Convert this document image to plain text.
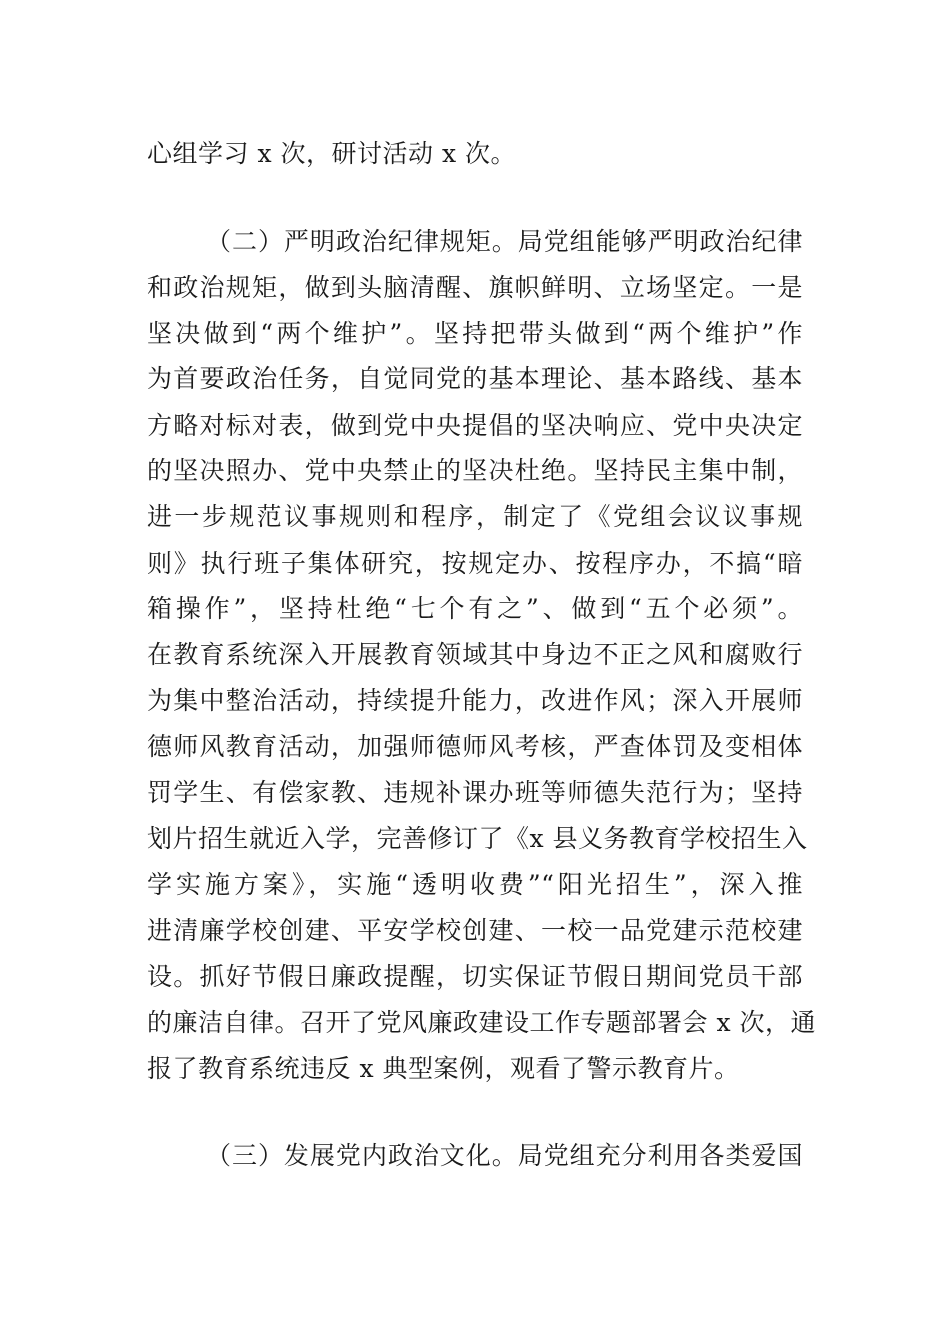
心组学习 x 次，研讨活动 x 次。
（二）严明政治纪律规矩。局党组能够严明政治纪律
和政治规矩，做到头脑清醒、旗帜鲜明、立场坚定。一是
坚决做到“两个维护”。坚持把带头做到“两个维护”作
为首要政治任务，自觉同党的基本理论、基本路线、基本
方略对标对表，做到党中央提倡的坚决响应、党中央决定
的坚决照办、党中央禁止的坚决杜绝。坚持民主集中制，
进一步规范议事规则和程序，制定了《党组会议议事规
则》执行班子集体研究，按规定办、按程序办，不搞“暗
箱操作”，坚持杜绝“七个有之”、做到“五个必须”。
在教育系统深入开展教育领域其中身边不正之风和腐败行
为集中整治活动，持续提升能力，改进作风；深入开展师
德师风教育活动，加强师德师风考核，严查体罚及变相体
罚学生、有偿家教、违规补课办班等师德失范行为；坚持
划片招生就近入学，完善修订了《x 县义务教育学校招生入
学实施方案》，实施“透明收费”“阳光招生”，深入推
进清廉学校创建、平安学校创建、一校一品党建示范校建
设。抓好节假日廉政提醒，切实保证节假日期间党员干部
的廉洁自律。召开了党风廉政建设工作专题部署会 x 次，通
报了教育系统违反 x 典型案例，观看了警示教育片。
（三）发展党内政治文化。局党组充分利用各类爱国
